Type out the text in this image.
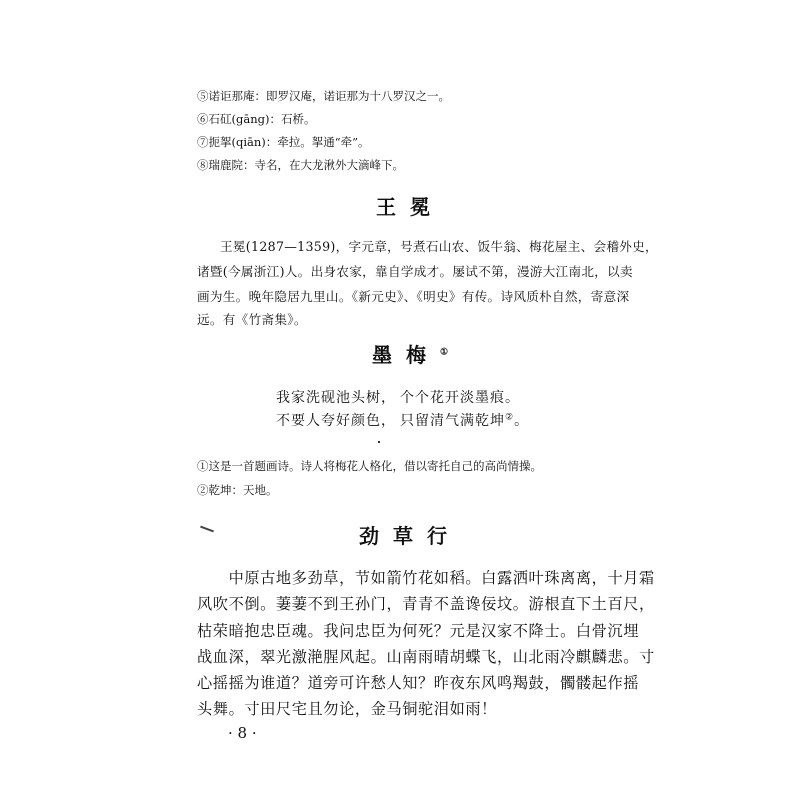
⑤诺讵那庵：即罗汉庵，诺讵那为十八罗汉之一。
⑥石矼(gāng)：石桥。
⑦扼挐(qiān)：牵拉。挐通“牵”。
⑧瑞鹿院：寺名，在大龙湫外大滴峰下。
王冕
王冕(1287—1359)，字元章，号煮石山农、饭牛翁、梅花屋主、会稽外史，
诸暨(今属浙江)人。出身农家，靠自学成才。屡试不第，漫游大江南北，以卖
画为生。晚年隐居九里山。《新元史》、《明史》有传。诗风质朴自然，寄意深
远。有《竹斋集》。
墨梅①
我家洗砚池头树， 个个花开淡墨痕。
不要人夸好颜色， 只留清气满乾坤②。
①这是一首题画诗。诗人将梅花人格化，借以寄托自己的高尚情操。
②乾坤：天地。
劲草行
　　中原古地多劲草，节如箭竹花如稻。白露洒叶珠离离，十月霜
风吹不倒。萋萋不到王孙门，青青不盖谗佞坟。游根直下土百尺，
枯荣暗抱忠臣魂。我问忠臣为何死？元是汉家不降士。白骨沉埋
战血深，翠光激滟腥风起。山南雨晴胡蝶飞，山北雨冷麒麟悲。寸
心摇摇为谁道？道旁可许愁人知？昨夜东风鸣羯鼓，髑髅起作摇
头舞。寸田尺宅且勿论，金马铜驼泪如雨！
· 8 ·
